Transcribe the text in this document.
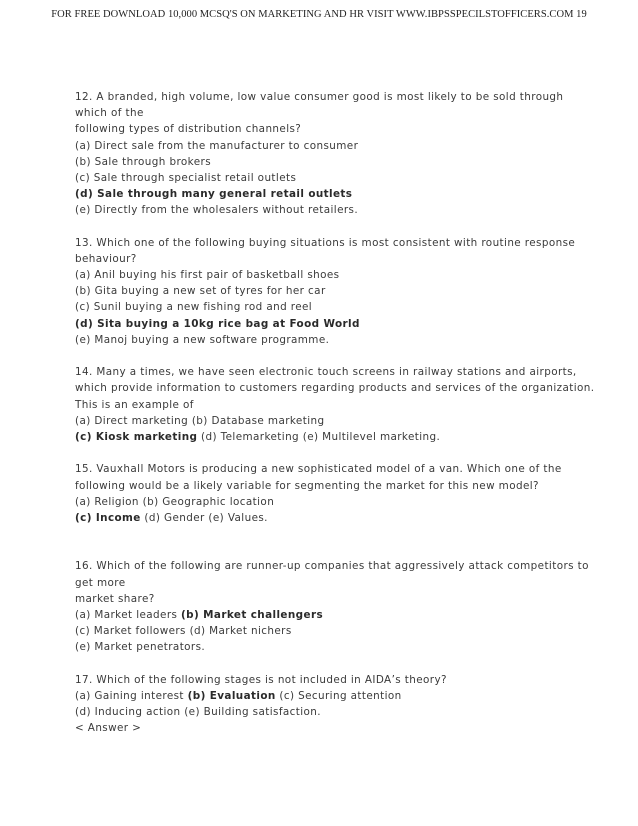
FOR FREE DOWNLOAD 10,000 MCSQ'S ON MARKETING AND HR VISIT WWW.IBPSSPECILSTOFFICERS.COM 19
12. A branded, high volume, low value consumer good is most likely to be sold through
which of the
following types of distribution channels?
(a) Direct sale from the manufacturer to consumer
(b) Sale through brokers
(c) Sale through specialist retail outlets
(d) Sale through many general retail outlets
(e) Directly from the wholesalers without retailers.
13. Which one of the following buying situations is most consistent with routine response
behaviour?
(a) Anil buying his first pair of basketball shoes
(b) Gita buying a new set of tyres for her car
(c) Sunil buying a new fishing rod and reel
(d) Sita buying a 10kg rice bag at Food World
(e) Manoj buying a new software programme.
14. Many a times, we have seen electronic touch screens in railway stations and airports,
which provide information to customers regarding products and services of the organization.
This is an example of
(a) Direct marketing (b) Database marketing
(c) Kiosk marketing (d) Telemarketing (e) Multilevel marketing.
15. Vauxhall Motors is producing a new sophisticated model of a van. Which one of the
following would be a likely variable for segmenting the market for this new model?
(a) Religion (b) Geographic location
(c) Income (d) Gender (e) Values.
16. Which of the following are runner-up companies that aggressively attack competitors to
get more
market share?
(a) Market leaders (b) Market challengers
(c) Market followers (d) Market nichers
(e) Market penetrators.
17. Which of the following stages is not included in AIDA’s theory?
(a) Gaining interest (b) Evaluation (c) Securing attention
(d) Inducing action (e) Building satisfaction.
< Answer >
